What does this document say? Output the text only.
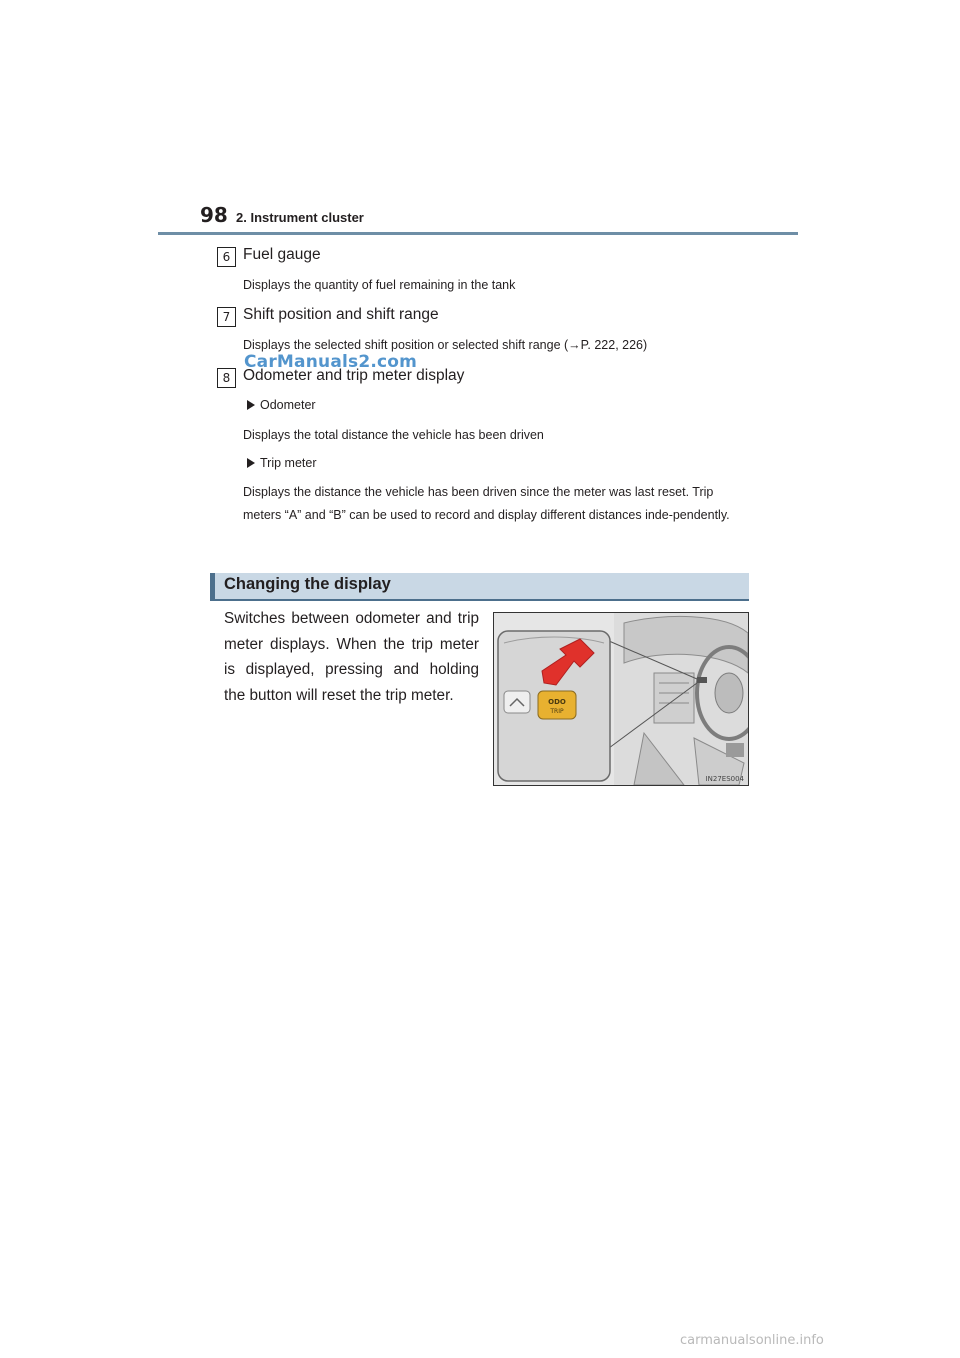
98 2. Instrument cluster
6 Fuel gauge
Displays the quantity of fuel remaining in the tank
7 Shift position and shift range
Displays the selected shift position or selected shift range (→P. 222, 226)
CarManuals2.com
8 Odometer and trip meter display
Odometer
Displays the total distance the vehicle has been driven
Trip meter
Displays the distance the vehicle has been driven since the meter was last reset. Trip meters “A” and “B” can be used to record and display different distances inde-pendently.
Changing the display
Switches between odometer and trip meter displays. When the trip meter is displayed, pressing and holding the button will reset the trip meter.	ODO
TRIP
IN27ES004
carmanualsonline.info
